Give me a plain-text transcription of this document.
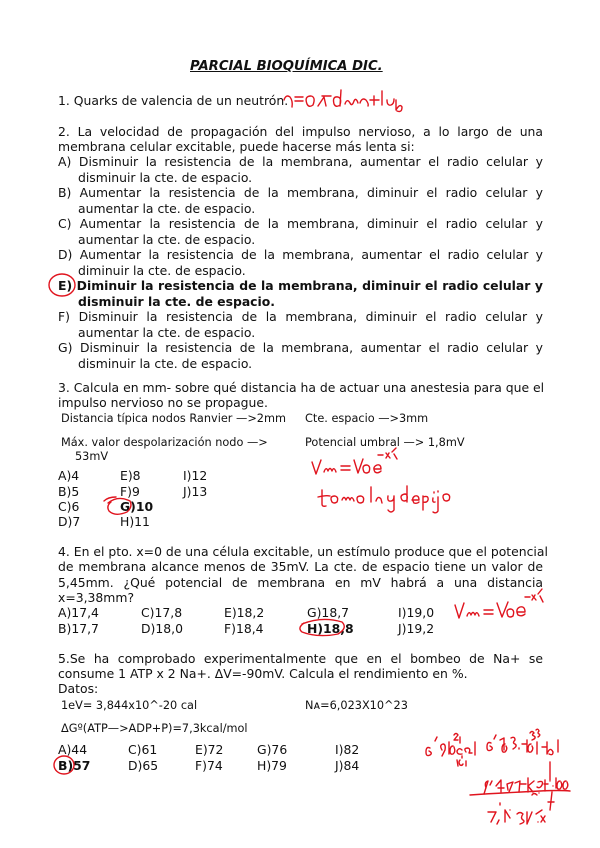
PARCIAL BIOQUÍMICA DIC.
1. Quarks de valencia de un neutrón.
2. La velocidad de propagación del impulso nervioso, a lo largo de una
membrana celular excitable, puede hacerse más lenta si:
A) Disminuir la resistencia de la membrana, aumentar el radio celular y
disminuir la cte. de espacio.
B) Aumentar la resistencia de la membrana, diminuir el radio celular y
aumentar la cte. de espacio.
C) Aumentar la resistencia de la membrana, diminuir el radio celular y
aumentar la cte. de espacio.
D) Aumentar la resistencia de la membrana, aumentar el radio celular y
diminuir la cte. de espacio.
E) Diminuir la resistencia de la membrana, diminuir el radio celular y
disminuir la cte. de espacio.
F) Disminuir la resistencia de la membrana, diminuir el radio celular y
aumentar la cte. de espacio.
G) Disminuir la resistencia de la membrana, aumentar el radio celular y
disminuir la cte. de espacio.
3. Calcula en mm- sobre qué distancia ha de actuar una anestesia para que el
impulso nervioso no se propague.
Distancia típica nodos Ranvier —>2mm Cte. espacio —>3mm
Máx. valor despolarización nodo —>
53mV
Potencial umbral —> 1,8mV
A)4
B)5
C)6
D)7
E)8
F)9
G)10
H)11
I)12
J)13
4. En el pto. x=0 de una célula excitable, un estímulo produce que el potencial
de membrana alcance menos de 35mV. La cte. de espacio tiene un valor de
5,45mm. ¿Qué potencial de membrana en mV habrá a una distancia
x=3,38mm?
A)17,4
B)17,7
C)17,8
D)18,0
E)18,2
F)18,4
G)18,7
H)18,8
I)19,0
J)19,2
5.Se ha comprobado experimentalmente que en el bombeo de Na+ se
consume 1 ATP x 2 Na+. ΔV=-90mV. Calcula el rendimiento en %.
Datos:
1eV= 3,844x10^-20 cal	Nᴀ=6,023X10^23
ΔGº(ATP—>ADP+P)=7,3kcal/mol
A)44
B)57
C)61
D)65
E)72
F)74
G)76
H)79
I)82
J)84
